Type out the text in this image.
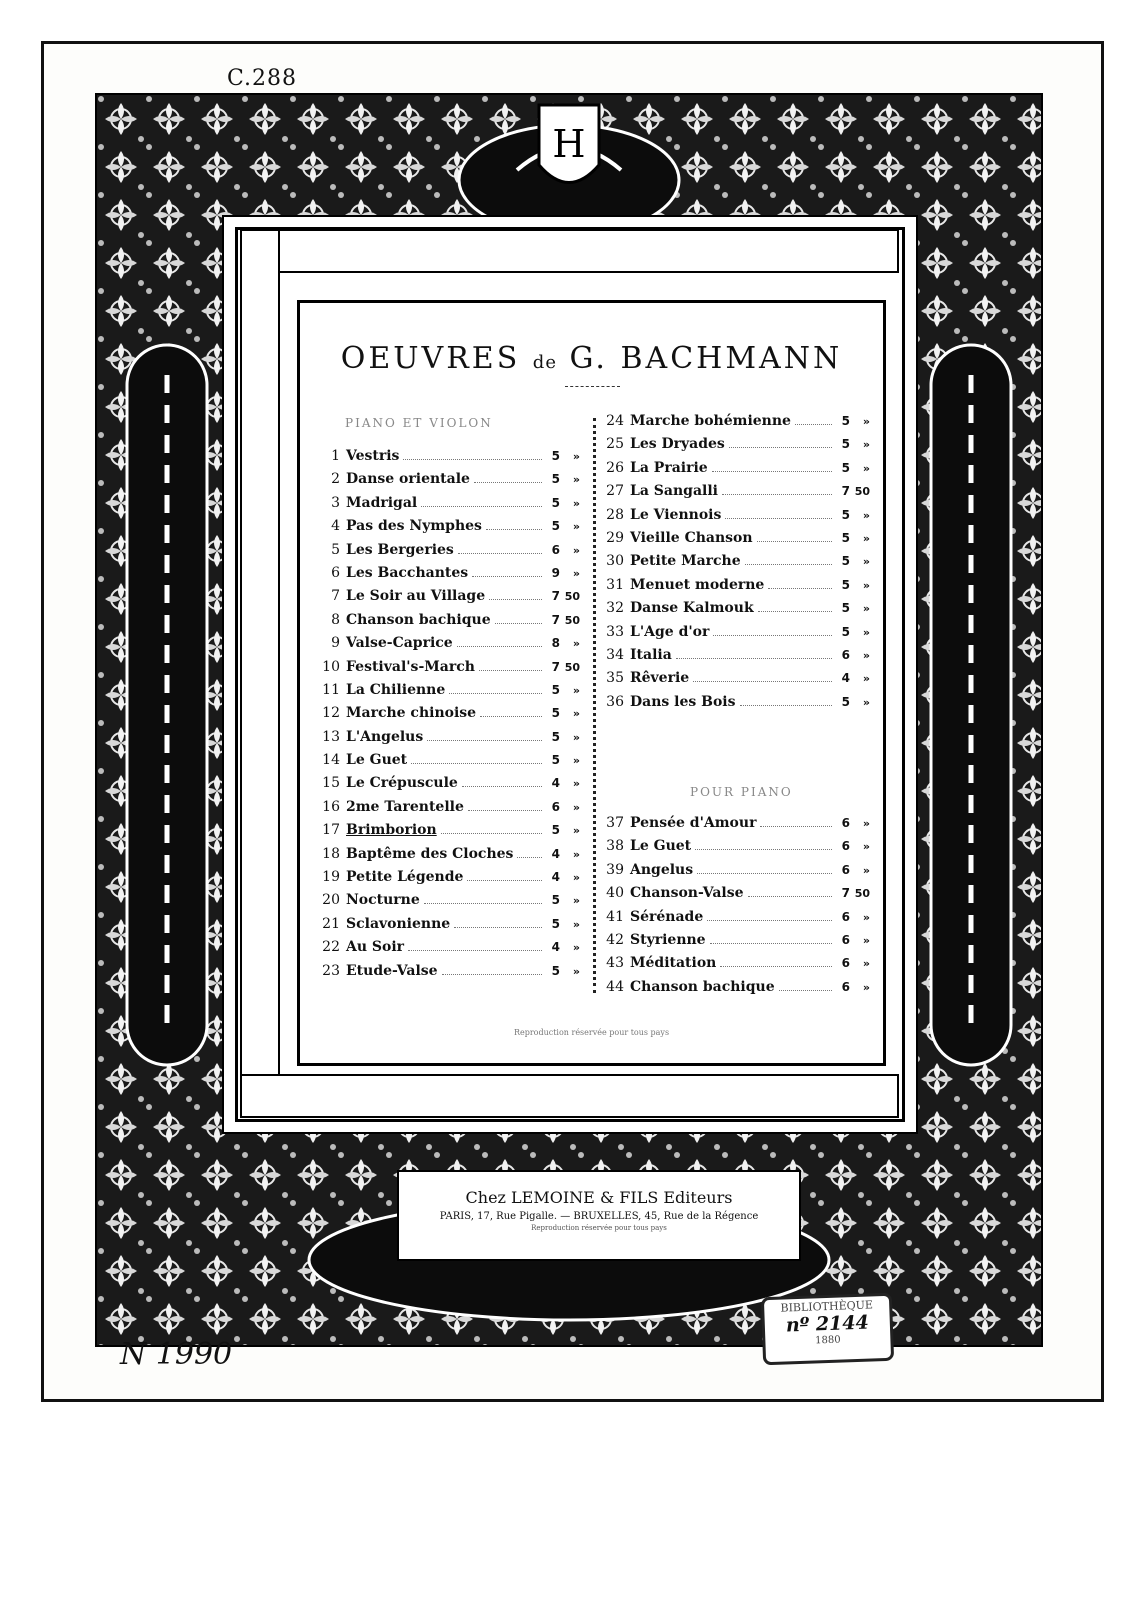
C.288
H
OEUVRES de G. BACHMANN
PIANO ET VIOLON
1 Vestris	5	»
2 Danse orientale	5	»
3 Madrigal	5	»
4 Pas des Nymphes	5	»
5 Les Bergeries	6	»
6 Les Bacchantes	9	»
7 Le Soir au Village	7 50
8 Chanson bachique	7 50
9 Valse-Caprice	8	»
10 Festival's-March	7 50
11 La Chilienne	5	»
12 Marche chinoise	5	»
13 L'Angelus	5	»
14 Le Guet	5	»
15 Le Crépuscule	4	»
16 2me Tarentelle	6	»
17 Brimborion	5	»
18 Baptême des Cloches	4	»
19 Petite Légende	4	»
20 Nocturne	5	»
21 Sclavonienne	5	»
22 Au Soir	4	»
23 Etude-Valse	5	»
24 Marche bohémienne	5	»
25 Les Dryades	5	»
26 La Prairie	5	»
27 La Sangalli	7 50
28 Le Viennois	5	»
29 Vieille Chanson	5	»
30 Petite Marche	5	»
31 Menuet moderne	5	»
32 Danse Kalmouk	5	»
33 L'Age d'or	5	»
34 Italia	6	»
35 Rêverie	4	»
36 Dans les Bois	5	»
POUR PIANO
37 Pensée d'Amour	6	»
38 Le Guet	6	»
39 Angelus	6	»
40 Chanson-Valse	7 50
41 Sérénade	6	»
42 Styrienne	6	»
43 Méditation	6	»
44 Chanson bachique	6	»
Reproduction réservée pour tous pays
Chez LEMOINE & FILS Editeurs
PARIS, 17, Rue Pigalle. — BRUXELLES, 45, Rue de la Régence
Reproduction réservée pour tous pays
BIBLIOTHÈQUE
nº 2144
1880
N 1990
